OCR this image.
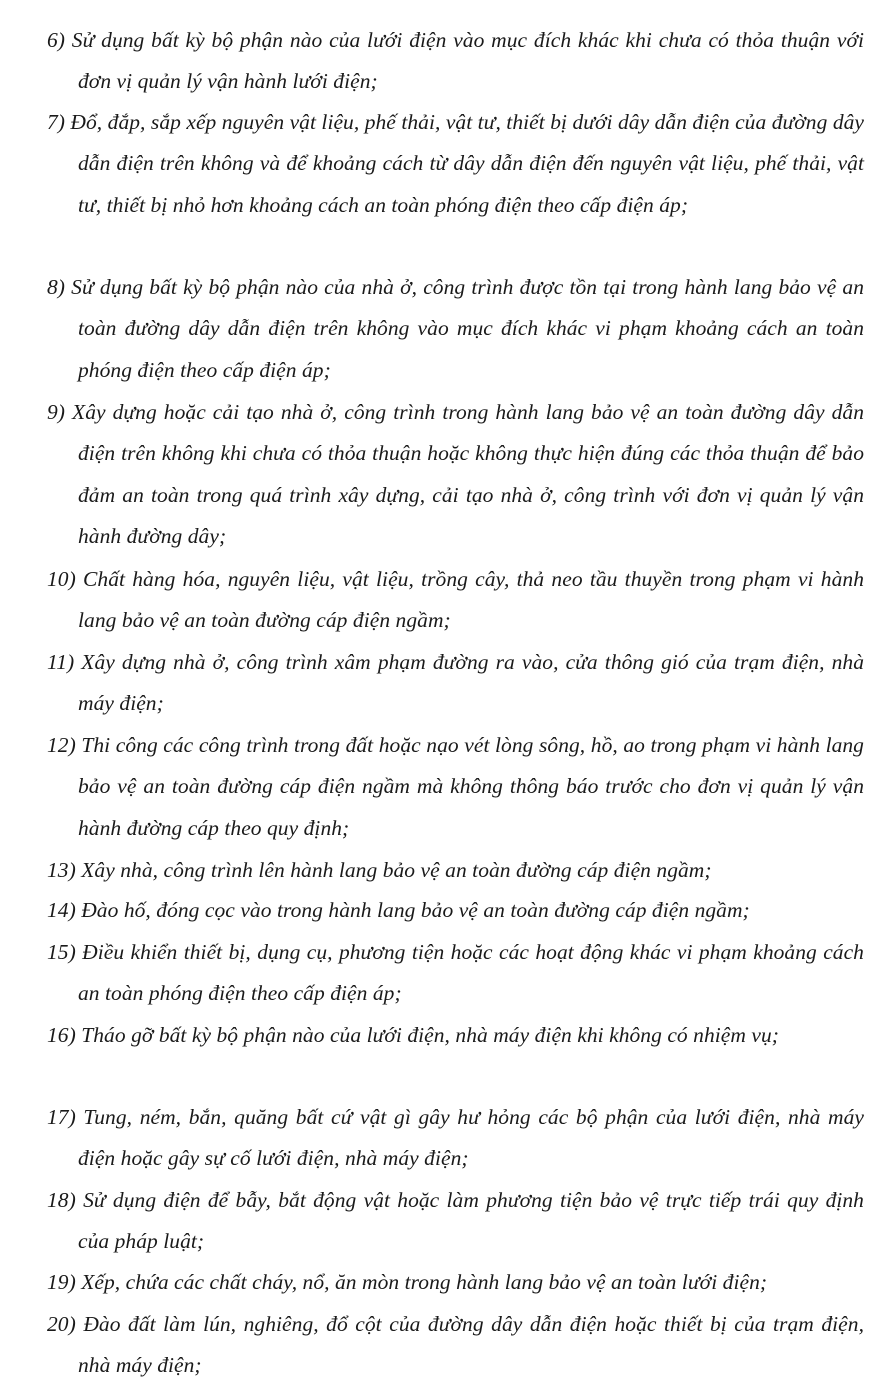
6) Sử dụng bất kỳ bộ phận nào của lưới điện vào mục đích khác khi chưa có thỏa thuận với đơn vị quản lý vận hành lưới điện;

7) Đổ, đắp, sắp xếp nguyên vật liệu, phế thải, vật tư, thiết bị dưới dây dẫn điện của đường dây dẫn điện trên không và để khoảng cách từ dây dẫn điện đến nguyên vật liệu, phế thải, vật tư, thiết bị nhỏ hơn khoảng cách an toàn phóng điện theo cấp điện áp;

8) Sử dụng bất kỳ bộ phận nào của nhà ở, công trình được tồn tại trong hành lang bảo vệ an toàn đường dây dẫn điện trên không vào mục đích khác vi phạm khoảng cách an toàn phóng điện theo cấp điện áp;

9) Xây dựng hoặc cải tạo nhà ở, công trình trong hành lang bảo vệ an toàn đường dây dẫn điện trên không khi chưa có thỏa thuận hoặc không thực hiện đúng các thỏa thuận để bảo đảm an toàn trong quá trình xây dựng, cải tạo nhà ở, công trình với đơn vị quản lý vận hành đường dây;

10) Chất hàng hóa, nguyên liệu, vật liệu, trồng cây, thả neo tầu thuyền trong phạm vi hành lang bảo vệ an toàn đường cáp điện ngầm;

11) Xây dựng nhà ở, công trình xâm phạm đường ra vào, cửa thông gió của trạm điện, nhà máy điện;

12) Thi công các công trình trong đất hoặc nạo vét lòng sông, hồ, ao trong phạm vi hành lang bảo vệ an toàn đường cáp điện ngầm mà không thông báo trước cho đơn vị quản lý vận hành đường cáp theo quy định;

13) Xây nhà, công trình lên hành lang bảo vệ an toàn đường cáp điện ngầm;

14) Đào hố, đóng cọc vào trong hành lang bảo vệ an toàn đường cáp điện ngầm;

15) Điều khiển thiết bị, dụng cụ, phương tiện hoặc các hoạt động khác vi phạm khoảng cách an toàn phóng điện theo cấp điện áp;

16) Tháo gỡ bất kỳ bộ phận nào của lưới điện, nhà máy điện khi không có nhiệm vụ;

17) Tung, ném, bắn, quăng bất cứ vật gì gây hư hỏng các bộ phận của lưới điện, nhà máy điện hoặc gây sự cố lưới điện, nhà máy điện;

18) Sử dụng điện để bẫy, bắt động vật hoặc làm phương tiện bảo vệ trực tiếp trái quy định của pháp luật;

19) Xếp, chứa các chất cháy, nổ, ăn mòn trong hành lang bảo vệ an toàn lưới điện;

20) Đào đất làm lún, nghiêng, đổ cột của đường dây dẫn điện hoặc thiết bị của trạm điện, nhà máy điện;
